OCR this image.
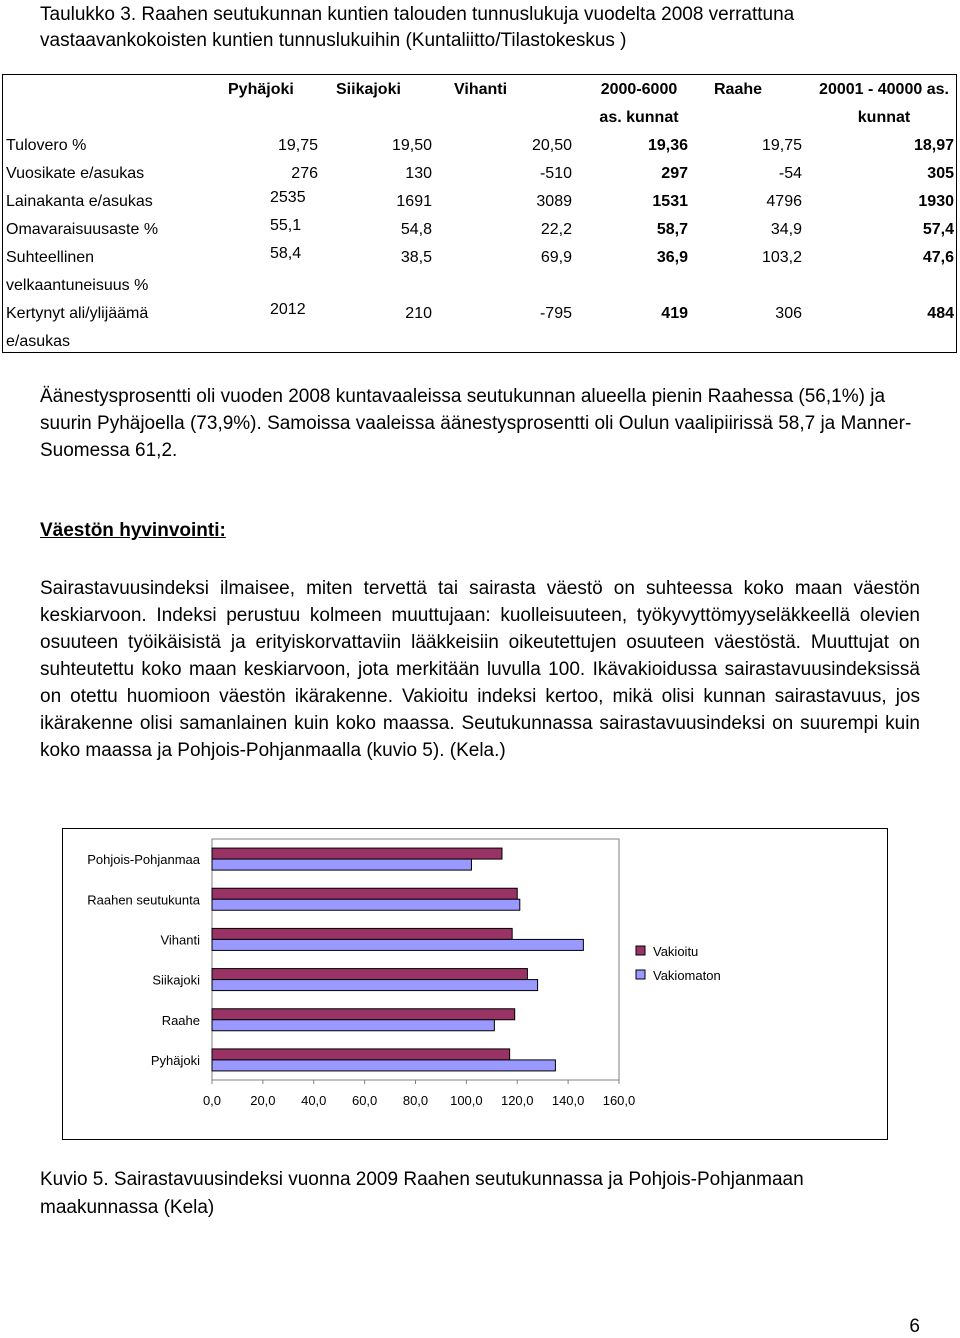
Taulukko 3. Raahen seutukunnan kuntien talouden tunnuslukuja vuodelta 2008 verrattuna vastaavankokoisten kuntien tunnuslukuihin (Kuntaliitto/Tilastokeskus )
	Pyhäjoki	Siikajoki	Vihanti	2000-6000 as. kunnat	Raahe	20001 - 40000 as. kunnat
Tulovero %	19,75	19,50	20,50	19,36	19,75	18,97
Vuosikate e/asukas	276	130	-510	297	-54	305
Lainakanta e/asukas	2535	1691	3089	1531	4796	1930
Omavaraisuusaste %	55,1	54,8	22,2	58,7	34,9	57,4
Suhteellinen velkaantuneisuus %	58,4	38,5	69,9	36,9	103,2	47,6
Kertynyt ali/ylijäämä e/asukas	2012	210	-795	419	306	484
Äänestysprosentti oli vuoden 2008 kuntavaaleissa seutukunnan alueella pienin Raahessa (56,1%) ja suurin Pyhäjoella (73,9%). Samoissa vaaleissa äänestysprosentti oli Oulun vaalipiirissä 58,7 ja Manner-Suomessa 61,2.
Väestön hyvinvointi:
Sairastavuusindeksi ilmaisee, miten tervettä tai sairasta väestö on suhteessa koko maan väestön keskiarvoon. Indeksi perustuu kolmeen muuttujaan: kuolleisuuteen, työkyvyttömyyseläkkeellä olevien osuuteen työikäisistä ja erityiskorvattaviin lääkkeisiin oikeutettujen osuuteen väestöstä. Muuttujat on suhteutettu koko maan keskiarvoon, jota merkitään luvulla 100. Ikävakioidussa sairastavuusindeksissä on otettu huomioon väestön ikärakenne. Vakioitu indeksi kertoo, mikä olisi kunnan sairastavuus, jos ikärakenne olisi samanlainen kuin koko maassa. Seutukunnassa sairastavuusindeksi on suurempi kuin koko maassa ja Pohjois-Pohjanmaalla (kuvio 5). (Kela.)
Pohjois-Pohjanmaa
Raahen seutukunta
Vihanti
Siikajoki
Raahe
Pyhäjoki
0,0 20,0 40,0 60,0 80,0 100,0 120,0 140,0 160,0
Vakioitu
Vakiomaton
Kuvio 5. Sairastavuusindeksi vuonna 2009 Raahen seutukunnassa ja Pohjois-Pohjanmaan maakunnassa (Kela)
6
